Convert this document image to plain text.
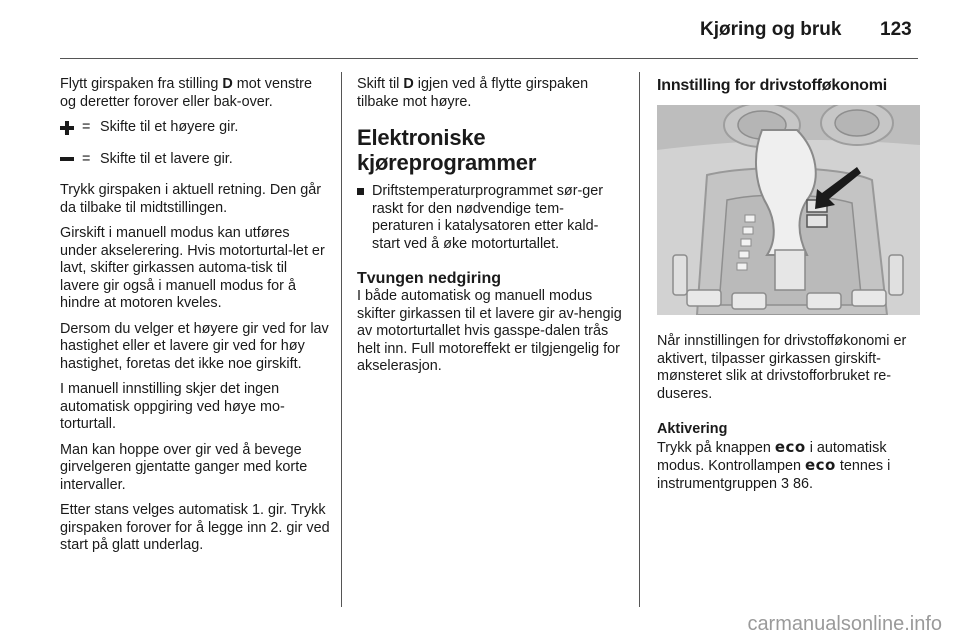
Kjøring og bruk 123

Flytt girspaken fra stilling D mot venstre og deretter forover eller bak-over.

= Skifte til et høyere gir.
= Skifte til et lavere gir.

Trykk girspaken i aktuell retning. Den går da tilbake til midtstillingen.

Girskift i manuell modus kan utføres under akselerering. Hvis motorturtal-let er lavt, skifter girkassen automa-tisk til lavere gir også i manuell modus for å hindre at motoren kveles.

Dersom du velger et høyere gir ved for lav hastighet eller et lavere gir ved for høy hastighet, foretas det ikke noe girskift.

I manuell innstilling skjer det ingen automatisk oppgiring ved høye mo-torturtall.

Man kan hoppe over gir ved å bevege girvelgeren gjentatte ganger med korte intervaller.

Etter stans velges automatisk 1. gir. Trykk girspaken forover for å legge inn 2. gir ved start på glatt underlag.

Skift til D igjen ved å flytte girspaken tilbake mot høyre.

Elektroniske kjøreprogrammer
Driftstemperaturprogrammet sør-ger raskt for den nødvendige tem-peraturen i katalysatoren etter kald-start ved å øke motorturtallet.
Tvungen nedgiring

I både automatisk og manuell modus skifter girkassen til et lavere gir av-hengig av motorturtallet hvis gasspe-dalen trås helt inn. Full motoreffekt er tilgjengelig for akselerasjon.

Innstilling for drivstofføkonomi

Når innstillingen for drivstofføkonomi er aktivert, tilpasser girkassen girskift-mønsteret slik at drivstofforbruket re-duseres.

Aktivering

Trykk på knappen eco i automatisk modus. Kontrollampen eco tennes i instrumentgruppen 3 86.

carmanualsonline.info
